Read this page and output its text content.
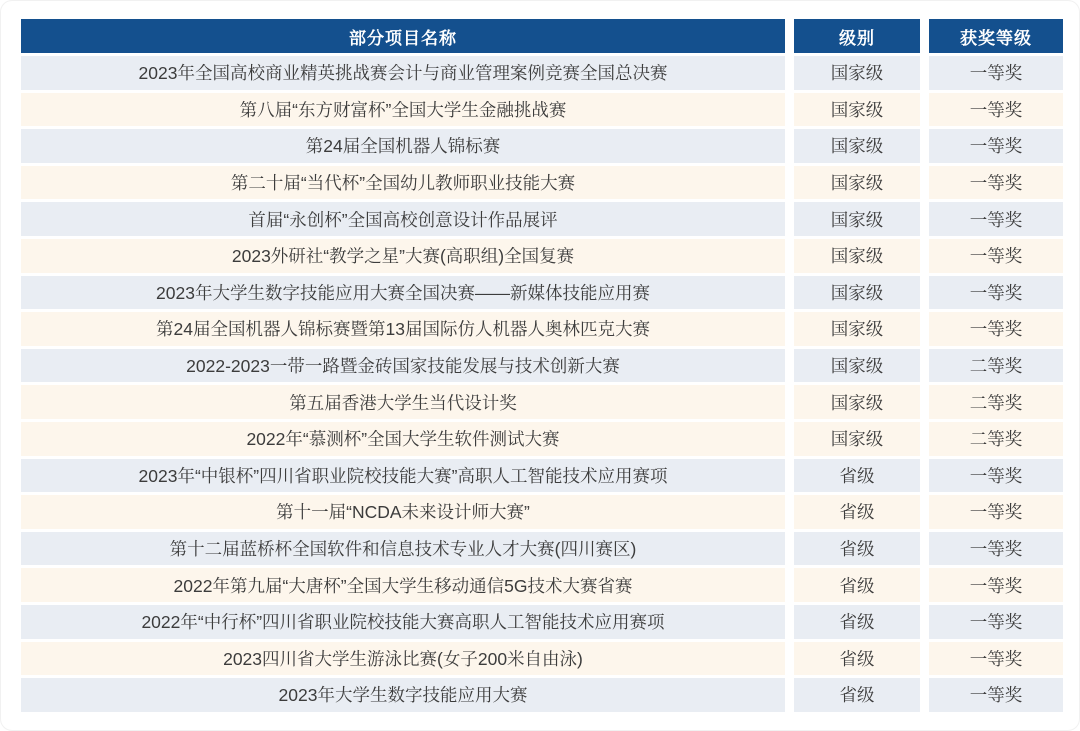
部分项目名称	级别	获奖等级
2023年全国高校商业精英挑战赛会计与商业管理案例竞赛全国总决赛	国家级	一等奖
第八届“东方财富杯”全国大学生金融挑战赛	国家级	一等奖
第24届全国机器人锦标赛	国家级	一等奖
第二十届“当代杯”全国幼儿教师职业技能大赛	国家级	一等奖
首届“永创杯”全国高校创意设计作品展评	国家级	一等奖
2023外研社“教学之星”大赛(高职组)全国复赛	国家级	一等奖
2023年大学生数字技能应用大赛全国决赛——新媒体技能应用赛	国家级	一等奖
第24届全国机器人锦标赛暨第13届国际仿人机器人奥林匹克大赛	国家级	一等奖
2022-2023一带一路暨金砖国家技能发展与技术创新大赛	国家级	二等奖
第五届香港大学生当代设计奖	国家级	二等奖
2022年“慕测杯”全国大学生软件测试大赛	国家级	二等奖
2023年“中银杯”四川省职业院校技能大赛”高职人工智能技术应用赛项	省级	一等奖
第十一届“NCDA未来设计师大赛”	省级	一等奖
第十二届蓝桥杯全国软件和信息技术专业人才大赛(四川赛区)	省级	一等奖
2022年第九届“大唐杯”全国大学生移动通信5G技术大赛省赛	省级	一等奖
2022年“中行杯”四川省职业院校技能大赛高职人工智能技术应用赛项	省级	一等奖
2023四川省大学生游泳比赛(女子200米自由泳)	省级	一等奖
2023年大学生数字技能应用大赛	省级	一等奖
